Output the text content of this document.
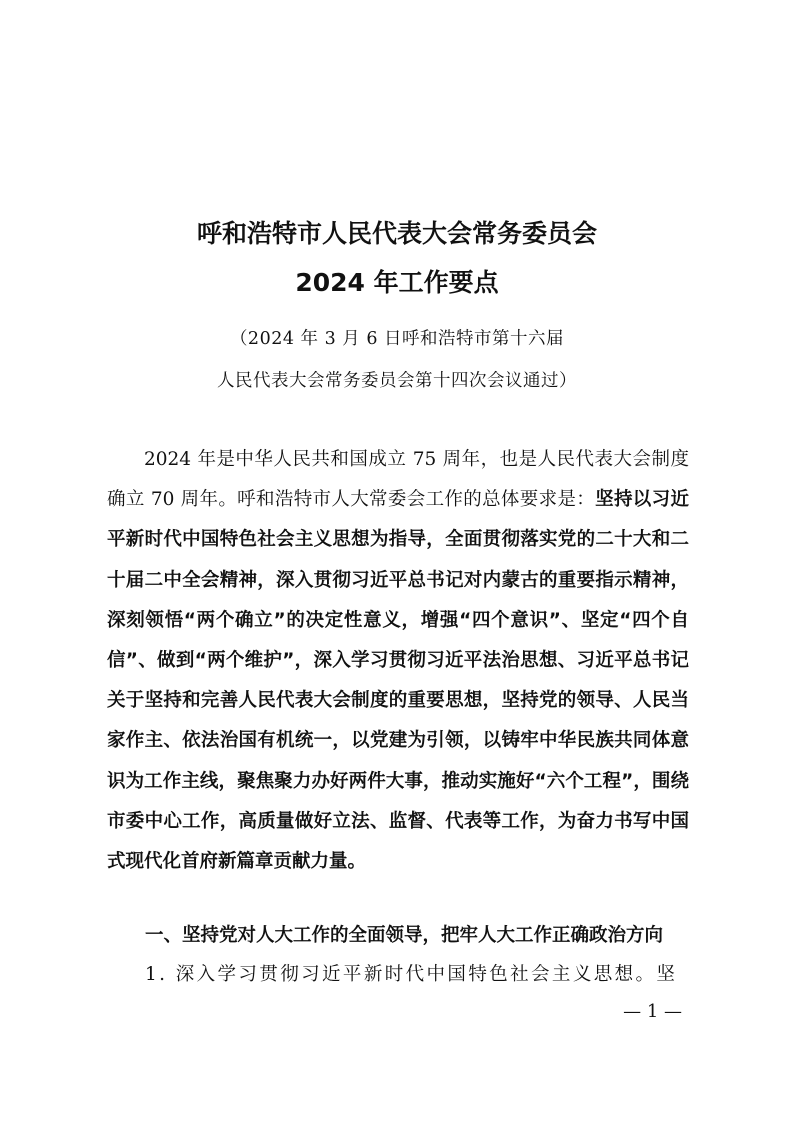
呼和浩特市人民代表大会常务委员会
2024 年工作要点

（2024 年 3 月 6 日呼和浩特市第十六届

人民代表大会常务委员会第十四次会议通过）

2024 年是中华人民共和国成立 75 周年，也是人民代表大会制度确立 70 周年。呼和浩特市人大常委会工作的总体要求是：坚持以习近平新时代中国特色社会主义思想为指导，全面贯彻落实党的二十大和二十届二中全会精神，深入贯彻习近平总书记对内蒙古的重要指示精神，深刻领悟“两个确立”的决定性意义，增强“四个意识”、坚定“四个自信”、做到“两个维护”，深入学习贯彻习近平法治思想、习近平总书记关于坚持和完善人民代表大会制度的重要思想，坚持党的领导、人民当家作主、依法治国有机统一，以党建为引领，以铸牢中华民族共同体意识为工作主线，聚焦聚力办好两件大事，推动实施好“六个工程”，围绕市委中心工作，高质量做好立法、监督、代表等工作，为奋力书写中国式现代化首府新篇章贡献力量。

一、坚持党对人大工作的全面领导，把牢人大工作正确政治方向

1. 深入学习贯彻习近平新时代中国特色社会主义思想。坚

— 1 —
